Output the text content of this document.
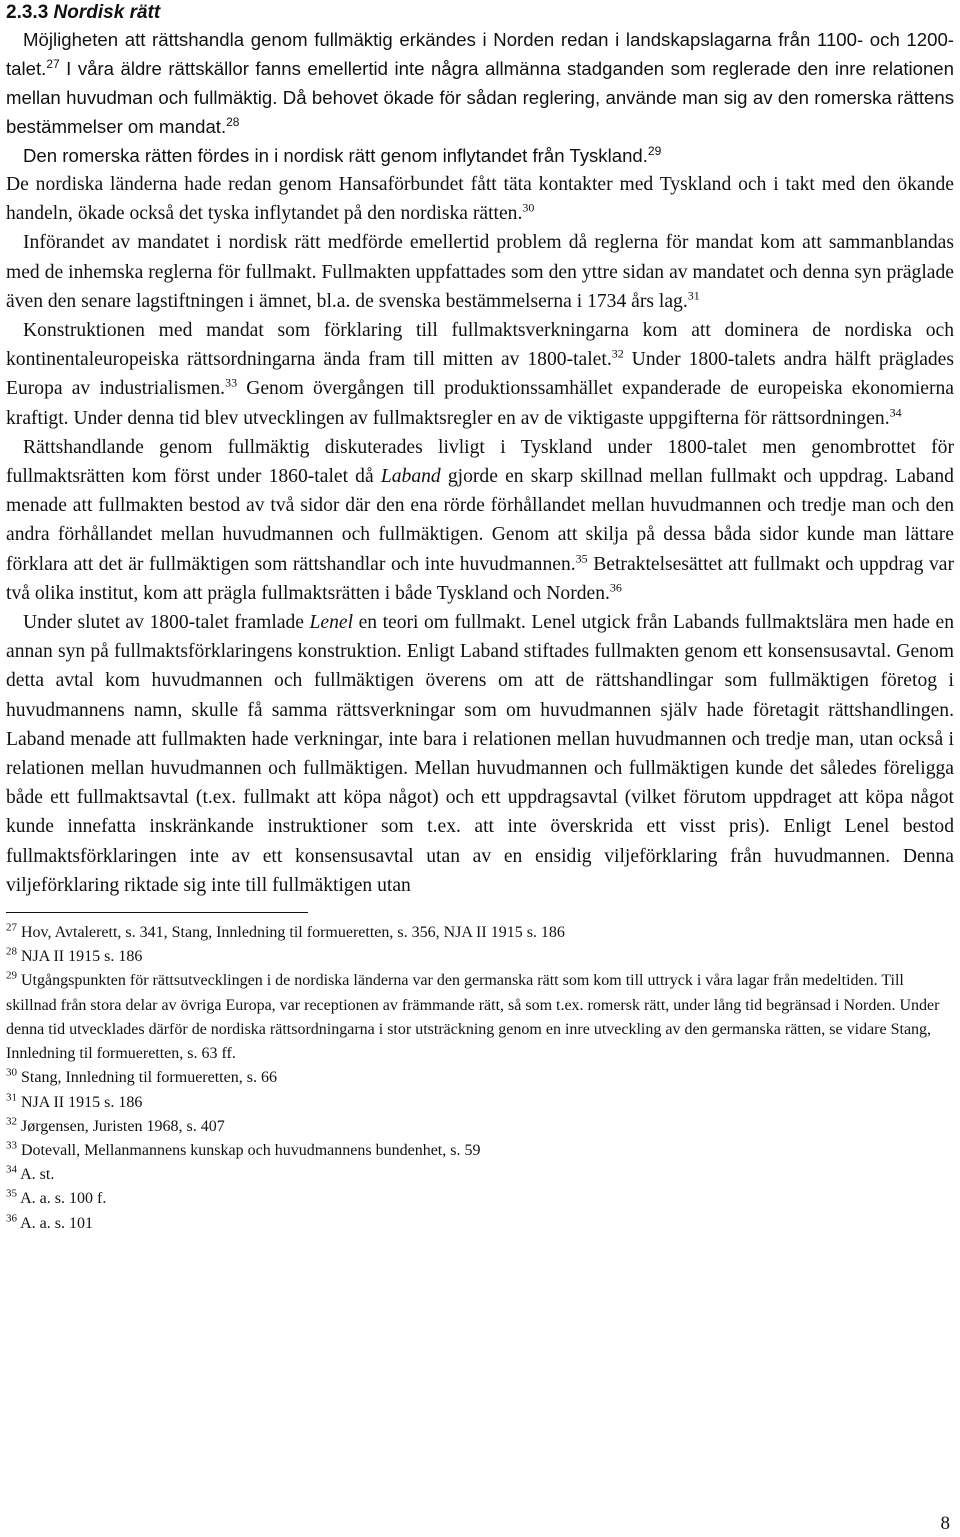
2.3.3 Nordisk rätt

Möjligheten att rättshandla genom fullmäktig erkändes i Norden redan i landskapslagarna från 1100- och 1200-talet.$^{27}$ I våra äldre rättskällor fanns emellertid inte några allmänna stadganden som reglerade den inre relationen mellan huvudman och fullmäktig. Då behovet ökade för sådan reglering, använde man sig av den romerska rättens bestämmelser om mandat.$^{28}$

Den romerska rätten fördes in i nordisk rätt genom inflytandet från Tyskland.$^{29}$

De nordiska länderna hade redan genom Hansaförbundet fått täta kontakter med Tyskland och i takt med den ökande handeln, ökade också det tyska inflytandet på den nordiska rätten.$^{30}$

Införandet av mandatet i nordisk rätt medförde emellertid problem då reglerna för mandat kom att sammanblandas med de inhemska reglerna för fullmakt. Fullmakten uppfattades som den yttre sidan av mandatet och denna syn präglade även den senare lagstiftningen i ämnet, bl.a. de svenska bestämmelserna i 1734 års lag.$^{31}$

Konstruktionen med mandat som förklaring till fullmaktsverkningarna kom att dominera de nordiska och kontinentaleuropeiska rättsordningarna ända fram till mitten av 1800-talet.$^{32}$ Under 1800-talets andra hälft präglades Europa av industrialismen.$^{33}$ Genom övergången till produktionssamhället expanderade de europeiska ekonomierna kraftigt. Under denna tid blev utvecklingen av fullmaktsregler en av de viktigaste uppgifterna för rättsordningen.$^{34}$

Rättshandlande genom fullmäktig diskuterades livligt i Tyskland under 1800-talet men genombrottet för fullmaktsrätten kom först under 1860-talet då Laband gjorde en skarp skillnad mellan fullmakt och uppdrag. Laband menade att fullmakten bestod av två sidor där den ena rörde förhållandet mellan huvudmannen och tredje man och den andra förhållandet mellan huvudmannen och fullmäktigen. Genom att skilja på dessa båda sidor kunde man lättare förklara att det är fullmäktigen som rättshandlar och inte huvudmannen.$^{35}$ Betraktelsesättet att fullmakt och uppdrag var två olika institut, kom att prägla fullmaktsrätten i både Tyskland och Norden.$^{36}$

Under slutet av 1800-talet framlade Lenel en teori om fullmakt. Lenel utgick från Labands fullmaktslära men hade en annan syn på fullmaktsförklaringens konstruktion. Enligt Laband stiftades fullmakten genom ett konsensusavtal. Genom detta avtal kom huvudmannen och fullmäktigen överens om att de rättshandlingar som fullmäktigen företog i huvudmannens namn, skulle få samma rättsverkningar som om huvudmannen själv hade företagit rättshandlingen. Laband menade att fullmakten hade verkningar, inte bara i relationen mellan huvudmannen och tredje man, utan också i relationen mellan huvudmannen och fullmäktigen. Mellan huvudmannen och fullmäktigen kunde det således föreligga både ett fullmaktsavtal (t.ex. fullmakt att köpa något) och ett uppdragsavtal (vilket förutom uppdraget att köpa något kunde innefatta inskränkande instruktioner som t.ex. att inte överskrida ett visst pris). Enligt Lenel bestod fullmaktsförklaringen inte av ett konsensusavtal utan av en ensidig viljeförklaring från huvudmannen. Denna viljeförklaring riktade sig inte till fullmäktigen utan

$^{27}$ Hov, Avtalerett, s. 341, Stang, Innledning til formueretten, s. 356, NJA II 1915 s. 186

$^{28}$ NJA II 1915 s. 186

$^{29}$ Utgångspunkten för rättsutvecklingen i de nordiska länderna var den germanska rätt som kom till uttryck i våra lagar från medeltiden. Till skillnad från stora delar av övriga Europa, var receptionen av främmande rätt, så som t.ex. romersk rätt, under lång tid begränsad i Norden. Under denna tid utvecklades därför de nordiska rättsordningarna i stor utsträckning genom en inre utveckling av den germanska rätten, se vidare Stang, Innledning til formueretten, s. 63 ff.

$^{30}$ Stang, Innledning til formueretten, s. 66

$^{31}$ NJA II 1915 s. 186

$^{32}$ Jørgensen, Juristen 1968, s. 407

$^{33}$ Dotevall, Mellanmannens kunskap och huvudmannens bundenhet, s. 59

$^{34}$ A. st.

$^{35}$ A. a. s. 100 f.

$^{36}$ A. a. s. 101

8
